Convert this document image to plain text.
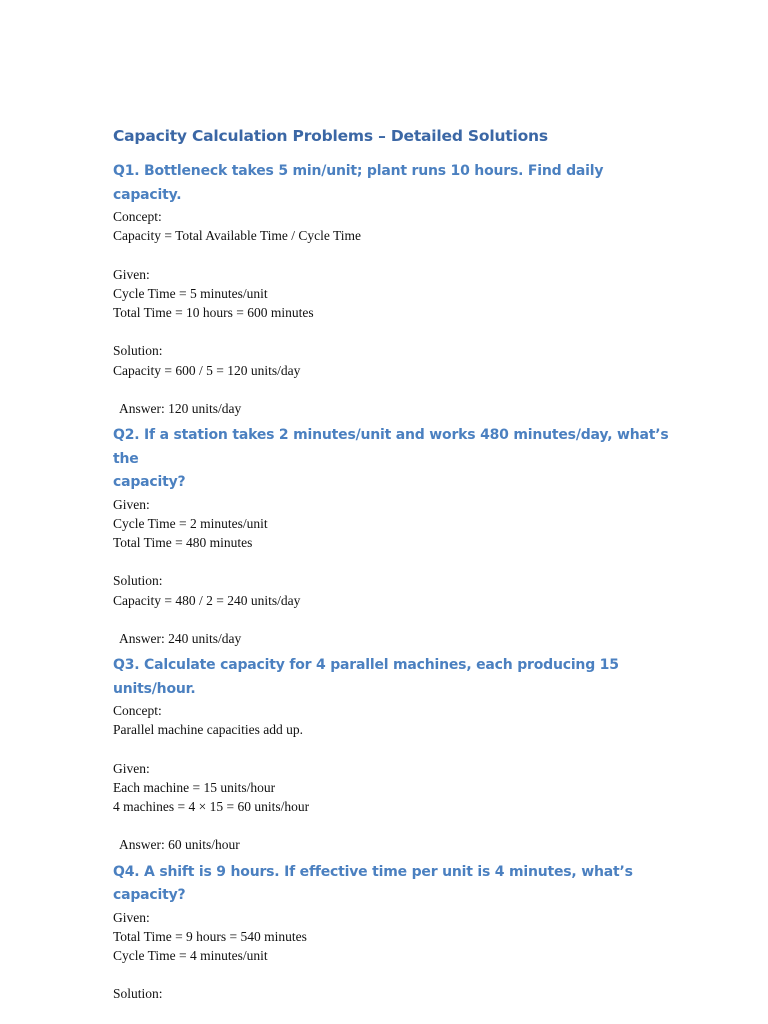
Capacity Calculation Problems – Detailed Solutions
Q1. Bottleneck takes 5 min/unit; plant runs 10 hours. Find daily capacity.
Concept:
Capacity = Total Available Time / Cycle Time
Given:
Cycle Time = 5 minutes/unit
Total Time = 10 hours = 600 minutes
Solution:
Capacity = 600 / 5 = 120 units/day
Answer: 120 units/day
Q2. If a station takes 2 minutes/unit and works 480 minutes/day, what’s the
capacity?
Given:
Cycle Time = 2 minutes/unit
Total Time = 480 minutes
Solution:
Capacity = 480 / 2 = 240 units/day
Answer: 240 units/day
Q3. Calculate capacity for 4 parallel machines, each producing 15 units/hour.
Concept:
Parallel machine capacities add up.
Given:
Each machine = 15 units/hour
4 machines = 4 × 15 = 60 units/hour
Answer: 60 units/hour
Q4. A shift is 9 hours. If effective time per unit is 4 minutes, what’s capacity?
Given:
Total Time = 9 hours = 540 minutes
Cycle Time = 4 minutes/unit
Solution:
